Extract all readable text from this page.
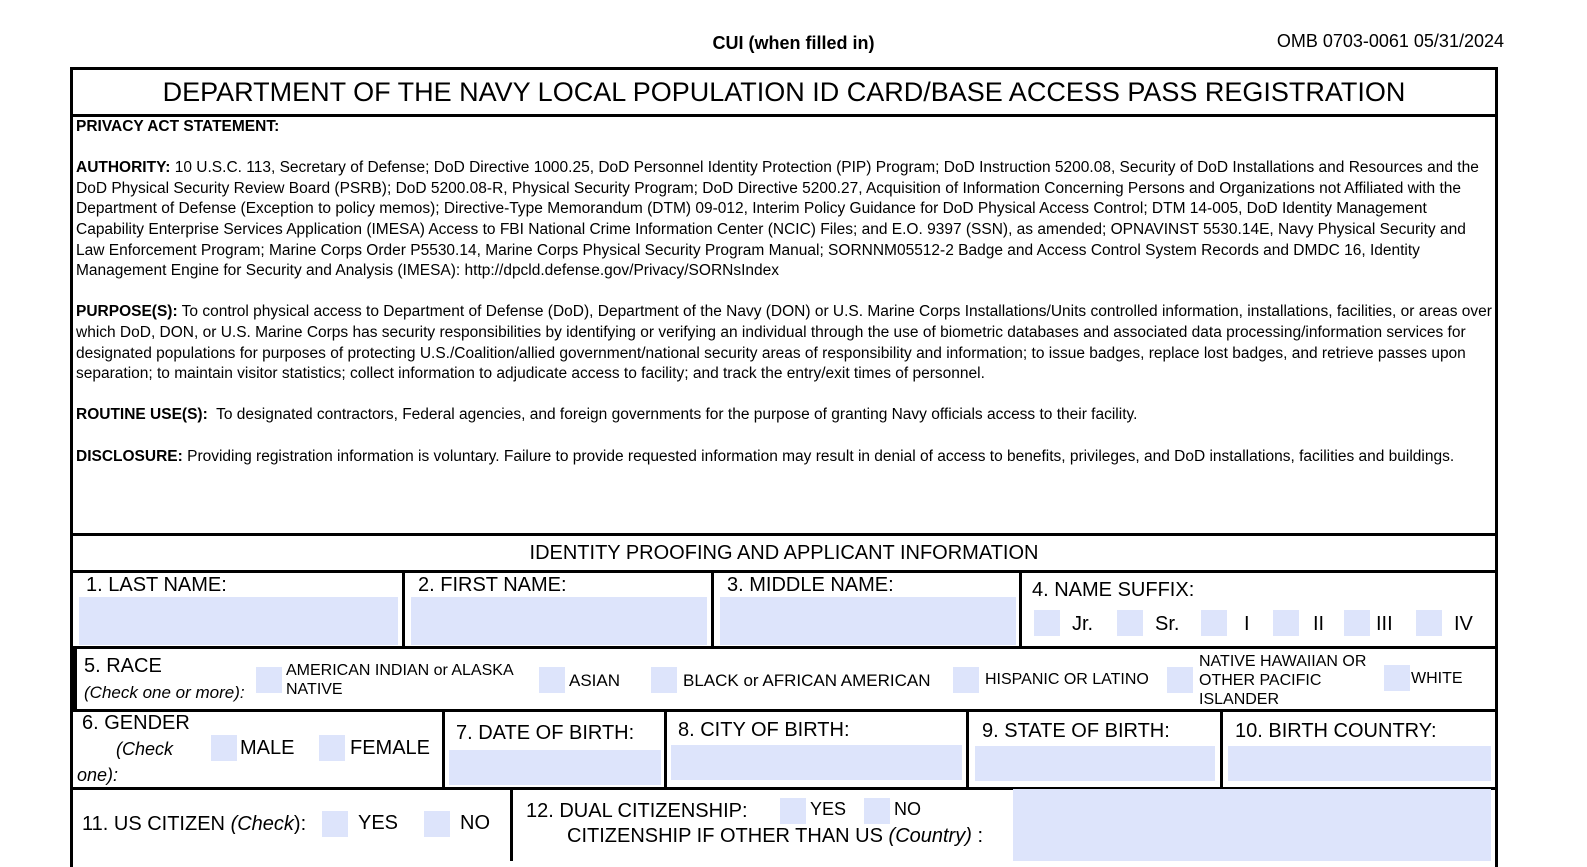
CUI (when filled in)	OMB 0703-0061 05/31/2024
DEPARTMENT OF THE NAVY LOCAL POPULATION ID CARD/BASE ACCESS PASS REGISTRATION

PRIVACY ACT STATEMENT:

AUTHORITY: 10 U.S.C. 113, Secretary of Defense; DoD Directive 1000.25, DoD Personnel Identity Protection (PIP) Program; DoD Instruction 5200.08, Security of DoD Installations and Resources and the DoD Physical Security Review Board (PSRB); DoD 5200.08-R, Physical Security Program; DoD Directive 5200.27, Acquisition of Information Concerning Persons and Organizations not Affiliated with the Department of Defense (Exception to policy memos); Directive-Type Memorandum (DTM) 09-012, Interim Policy Guidance for DoD Physical Access Control; DTM 14-005, DoD Identity Management Capability Enterprise Services Application (IMESA) Access to FBI National Crime Information Center (NCIC) Files; and E.O. 9397 (SSN), as amended; OPNAVINST 5530.14E, Navy Physical Security and Law Enforcement Program; Marine Corps Order P5530.14, Marine Corps Physical Security Program Manual; SORNNM05512-2 Badge and Access Control System Records and DMDC 16, Identity Management Engine for Security and Analysis (IMESA): http://dpcld.defense.gov/Privacy/SORNsIndex

PURPOSE(S): To control physical access to Department of Defense (DoD), Department of the Navy (DON) or U.S. Marine Corps Installations/Units controlled information, installations, facilities, or areas over which DoD, DON, or U.S. Marine Corps has security responsibilities by identifying or verifying an individual through the use of biometric databases and associated data processing/information services for designated populations for purposes of protecting U.S./Coalition/allied government/national security areas of responsibility and information; to issue badges, replace lost badges, and retrieve passes upon separation; to maintain visitor statistics; collect information to adjudicate access to facility; and track the entry/exit times of personnel.

ROUTINE USE(S): To designated contractors, Federal agencies, and foreign governments for the purpose of granting Navy officials access to their facility.

DISCLOSURE: Providing registration information is voluntary. Failure to provide requested information may result in denial of access to benefits, privileges, and DoD installations, facilities and buildings.

IDENTITY PROOFING AND APPLICANT INFORMATION
1. LAST NAME:	2. FIRST NAME:	3. MIDDLE NAME:	4. NAME SUFFIX:
Jr.	Sr.	I	II	III	IV
5. RACE
(Check one or more):
AMERICAN INDIAN or ALASKA NATIVE	ASIAN	BLACK or AFRICAN AMERICAN	HISPANIC OR LATINO
NATIVE HAWAIIAN OR OTHER PACIFIC ISLANDER
WHITE
6. GENDER
(Check
one):
MALE	FEMALE
7. DATE OF BIRTH: 8. CITY OF BIRTH:	9. STATE OF BIRTH:	10. BIRTH COUNTRY:
11. US CITIZEN (Check):	YES	NO
12. DUAL CITIZENSHIP:	YES	NO
CITIZENSHIP IF OTHER THAN US (Country) :
